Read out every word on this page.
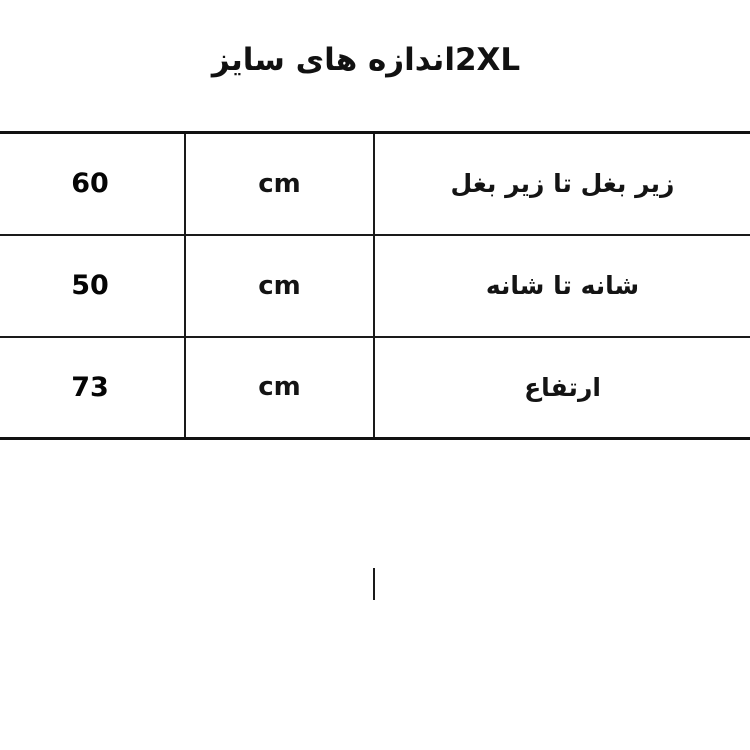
2XLاندازه های سایز
زیر بغل تا زیر بغل	cm	60
شانه تا شانه	cm	50
ارتفاع	cm	73
